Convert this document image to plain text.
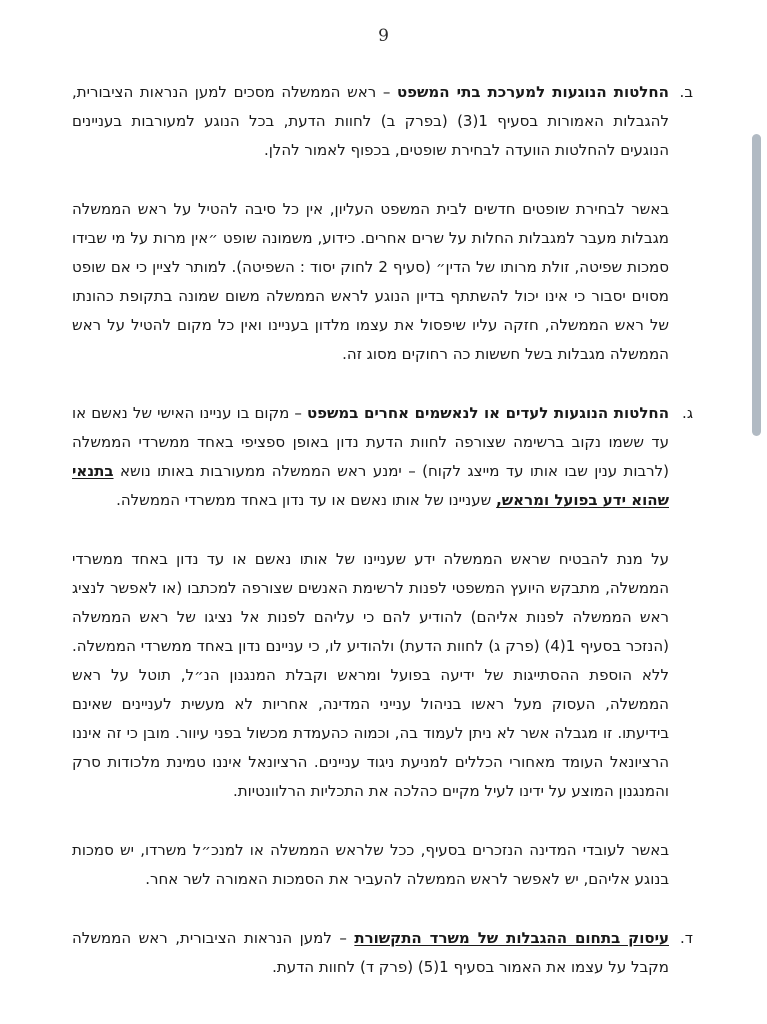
9
ב.
החלטות הנוגעות למערכת בתי המשפט – ראש הממשלה מסכים למען הנראות הציבורית, להגבלות האמורות בסעיף 1(3) (בפרק ב) לחוות הדעת, בכל הנוגע למעורבות בעניינים הנוגעים להחלטות הוועדה לבחירת שופטים, בכפוף לאמור להלן.

באשר לבחירת שופטים חדשים לבית המשפט העליון, אין כל סיבה להטיל על ראש הממשלה מגבלות מעבר למגבלות החלות על שרים אחרים. כידוע, משמונה שופט ״אין מרות על מי שבידו סמכות שפיטה, זולת מרותו של הדין״ (סעיף 2 לחוק יסוד : השפיטה). למותר לציין כי אם שופט מסוים יסבור כי אינו יכול להשתתף בדיון הנוגע לראש הממשלה משום שמונה בתקופת כהונתו של ראש הממשלה, חזקה עליו שיפסול את עצמו מלדון בעניינו ואין כל מקום להטיל על ראש הממשלה מגבלות בשל חששות כה רחוקים מסוג זה.

ג.
החלטות הנוגעות לעדים או לנאשמים אחרים במשפט – מקום בו עניינו האישי של נאשם או עד ששמו נקוב ברשימה שצורפה לחוות הדעת נדון באופן ספציפי באחד ממשרדי הממשלה (לרבות ענין שבו אותו עד מייצג לקוח) – ימנע ראש הממשלה ממעורבות באותו נושא בתנאי שהוא ידע בפועל ומראש, שעניינו של אותו נאשם או עד נדון באחד ממשרדי הממשלה.

על מנת להבטיח שראש הממשלה ידע שעניינו של אותו נאשם או עד נדון באחד ממשרדי הממשלה, מתבקש היועץ המשפטי לפנות לרשימת האנשים שצורפה למכתבו (או לאפשר לנציג ראש הממשלה לפנות אליהם) להודיע להם כי עליהם לפנות אל נציגו של ראש הממשלה (הנזכר בסעיף 1(4) (פרק ג) לחוות הדעת) ולהודיע לו, כי עניינם נדון באחד ממשרדי הממשלה. ללא הוספת ההסתייגות של ידיעה בפועל ומראש וקבלת המנגנון הנ״ל, תוטל על ראש הממשלה, העסוק מעל ראשו בניהול ענייני המדינה, אחריות לא מעשית לעניינים שאינם בידיעתו. זו מגבלה אשר לא ניתן לעמוד בה, וכמוה כהעמדת מכשול בפני עיוור. מובן כי זה איננו הרציונאל העומד מאחורי הכללים למניעת ניגוד עניינים. הרציונאל איננו טמינת מלכודות סרק והמנגנון המוצע על ידינו לעיל מקיים כהלכה את התכליות הרלוונטיות.

באשר לעובדי המדינה הנזכרים בסעיף, ככל שלראש הממשלה או למנכ״ל משרדו, יש סמכות בנוגע אליהם, יש לאפשר לראש הממשלה להעביר את הסמכות האמורה לשר אחר.

ד.
עיסוק בתחום ההגבלות של משרד התקשורת – למען הנראות הציבורית, ראש הממשלה מקבל על עצמו את האמור בסעיף 1(5) (פרק ד) לחוות הדעת.
